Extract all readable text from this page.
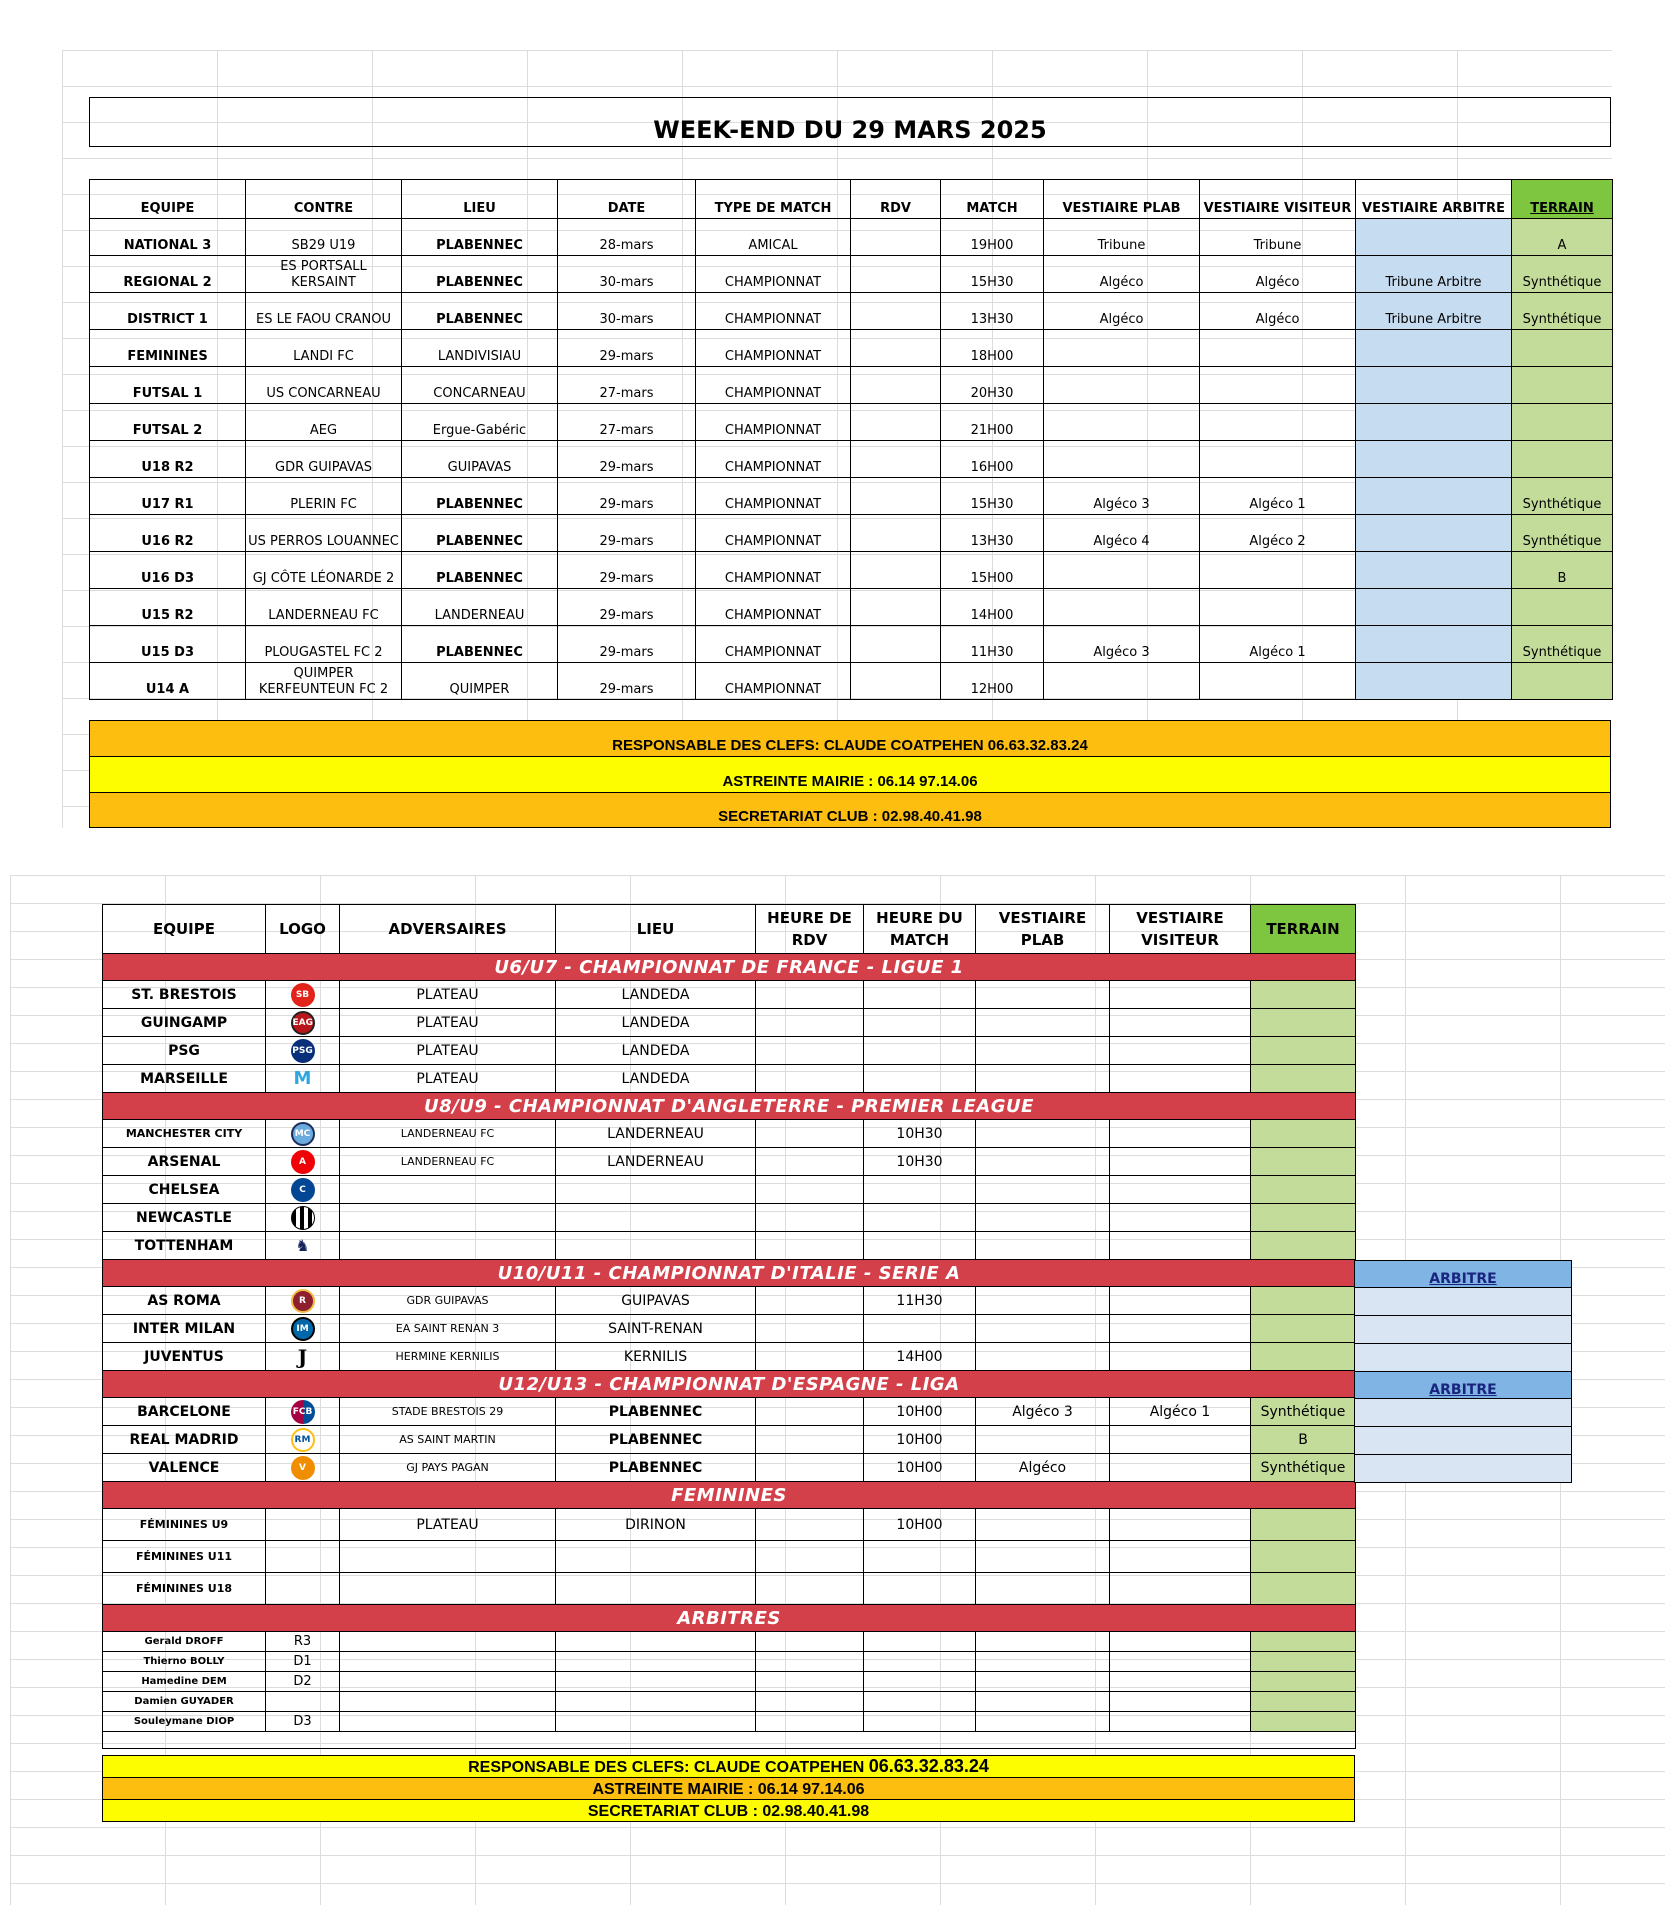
WEEK-END DU 29 MARS 2025
EQUIPE	CONTRE	LIEU	DATE	TYPE DE MATCH	RDV	MATCH	VESTIAIRE PLAB	VESTIAIRE VISITEUR	VESTIAIRE ARBITRE	TERRAIN
NATIONAL 3	SB29 U19	PLABENNEC	28-mars	AMICAL		19H00	Tribune	Tribune		A
REGIONAL 2	ES PORTSALL KERSAINT	PLABENNEC	30-mars	CHAMPIONNAT		15H30	Algéco	Algéco	Tribune Arbitre	Synthétique
DISTRICT 1	ES LE FAOU CRANOU	PLABENNEC	30-mars	CHAMPIONNAT		13H30	Algéco	Algéco	Tribune Arbitre	Synthétique
FEMININES	LANDI FC	LANDIVISIAU	29-mars	CHAMPIONNAT		18H00				
FUTSAL 1	US CONCARNEAU	CONCARNEAU	27-mars	CHAMPIONNAT		20H30				
FUTSAL 2	AEG	Ergue-Gabéric	27-mars	CHAMPIONNAT		21H00				
U18 R2	GDR GUIPAVAS	GUIPAVAS	29-mars	CHAMPIONNAT		16H00				
U17 R1	PLERIN FC	PLABENNEC	29-mars	CHAMPIONNAT		15H30	Algéco 3	Algéco 1		Synthétique
U16 R2	US PERROS LOUANNEC	PLABENNEC	29-mars	CHAMPIONNAT		13H30	Algéco 4	Algéco 2		Synthétique
U16 D3	GJ CÔTE LÉONARDE 2	PLABENNEC	29-mars	CHAMPIONNAT		15H00				B
U15 R2	LANDERNEAU FC	LANDERNEAU	29-mars	CHAMPIONNAT		14H00				
U15 D3	PLOUGASTEL FC 2	PLABENNEC	29-mars	CHAMPIONNAT		11H30	Algéco 3	Algéco 1		Synthétique
U14 A	QUIMPER KERFEUNTEUN FC 2	QUIMPER	29-mars	CHAMPIONNAT		12H00				

RESPONSABLE DES CLEFS: CLAUDE COATPEHEN 06.63.32.83.24
ASTREINTE MAIRIE : 06.14 97.14.06
SECRETARIAT CLUB : 02.98.40.41.98
EQUIPE	LOGO	ADVERSAIRES	LIEU	HEURE DE RDV	HEURE DU MATCH	VESTIAIRE PLAB	VESTIAIRE VISITEUR	TERRAIN
U6/U7 - CHAMPIONNAT DE FRANCE - LIGUE 1								
ST. BRESTOIS	SB	PLATEAU	LANDEDA					
GUINGAMP	EAG	PLATEAU	LANDEDA					
PSG	PSG	PLATEAU	LANDEDA					
MARSEILLE	M	PLATEAU	LANDEDA					
U8/U9 - CHAMPIONNAT D'ANGLETERRE - PREMIER LEAGUE								
MANCHESTER CITY	MC	LANDERNEAU FC	LANDERNEAU		10H30			
ARSENAL	A	LANDERNEAU FC	LANDERNEAU		10H30			
CHELSEA	C							
NEWCASTLE								
TOTTENHAM	♞							
U10/U11 - CHAMPIONNAT D'ITALIE - SERIE A								
AS ROMA	R	GDR GUIPAVAS	GUIPAVAS		11H30			
INTER MILAN	IM	EA SAINT RENAN 3	SAINT-RENAN					
JUVENTUS	J	HERMINE KERNILIS	KERNILIS		14H00			
U12/U13 - CHAMPIONNAT D'ESPAGNE - LIGA								
BARCELONE	FCB	STADE BRESTOIS 29	PLABENNEC		10H00	Algéco 3	Algéco 1	Synthétique
REAL MADRID	RM	AS SAINT MARTIN	PLABENNEC		10H00			B
VALENCE	V	GJ PAYS PAGAN	PLABENNEC		10H00	Algéco		Synthétique
FEMININES								
FÉMININES U9		PLATEAU	DIRINON		10H00			
FÉMININES U11								
FÉMININES U18								
ARBITRES								
Gerald DROFF	R3							
Thierno BOLLY	D1							
Hamedine DEM	D2							
Damien GUYADER								
Souleymane DIOP	D3							

ARBITRE

ARBITRE

RESPONSABLE DES CLEFS: CLAUDE COATPEHEN 06.63.32.83.24
ASTREINTE MAIRIE : 06.14 97.14.06
SECRETARIAT CLUB : 02.98.40.41.98
